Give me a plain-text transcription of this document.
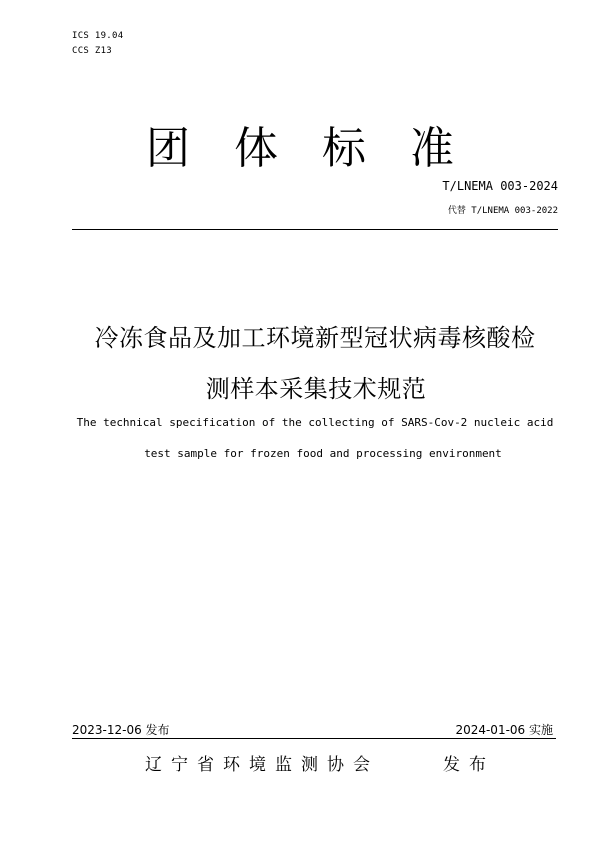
ICS 19.04
CCS Z13
团体标准
T/LNEMA 003-2024
代替 T/LNEMA 003-2022
冷冻食品及加工环境新型冠状病毒核酸检
测样本采集技术规范
The technical specification of the collecting of SARS-Cov-2 nucleic acid
test sample for frozen food and processing environment
2023-12-06 发布	2024-01-06 实施
辽宁省环境监测协会	发布
